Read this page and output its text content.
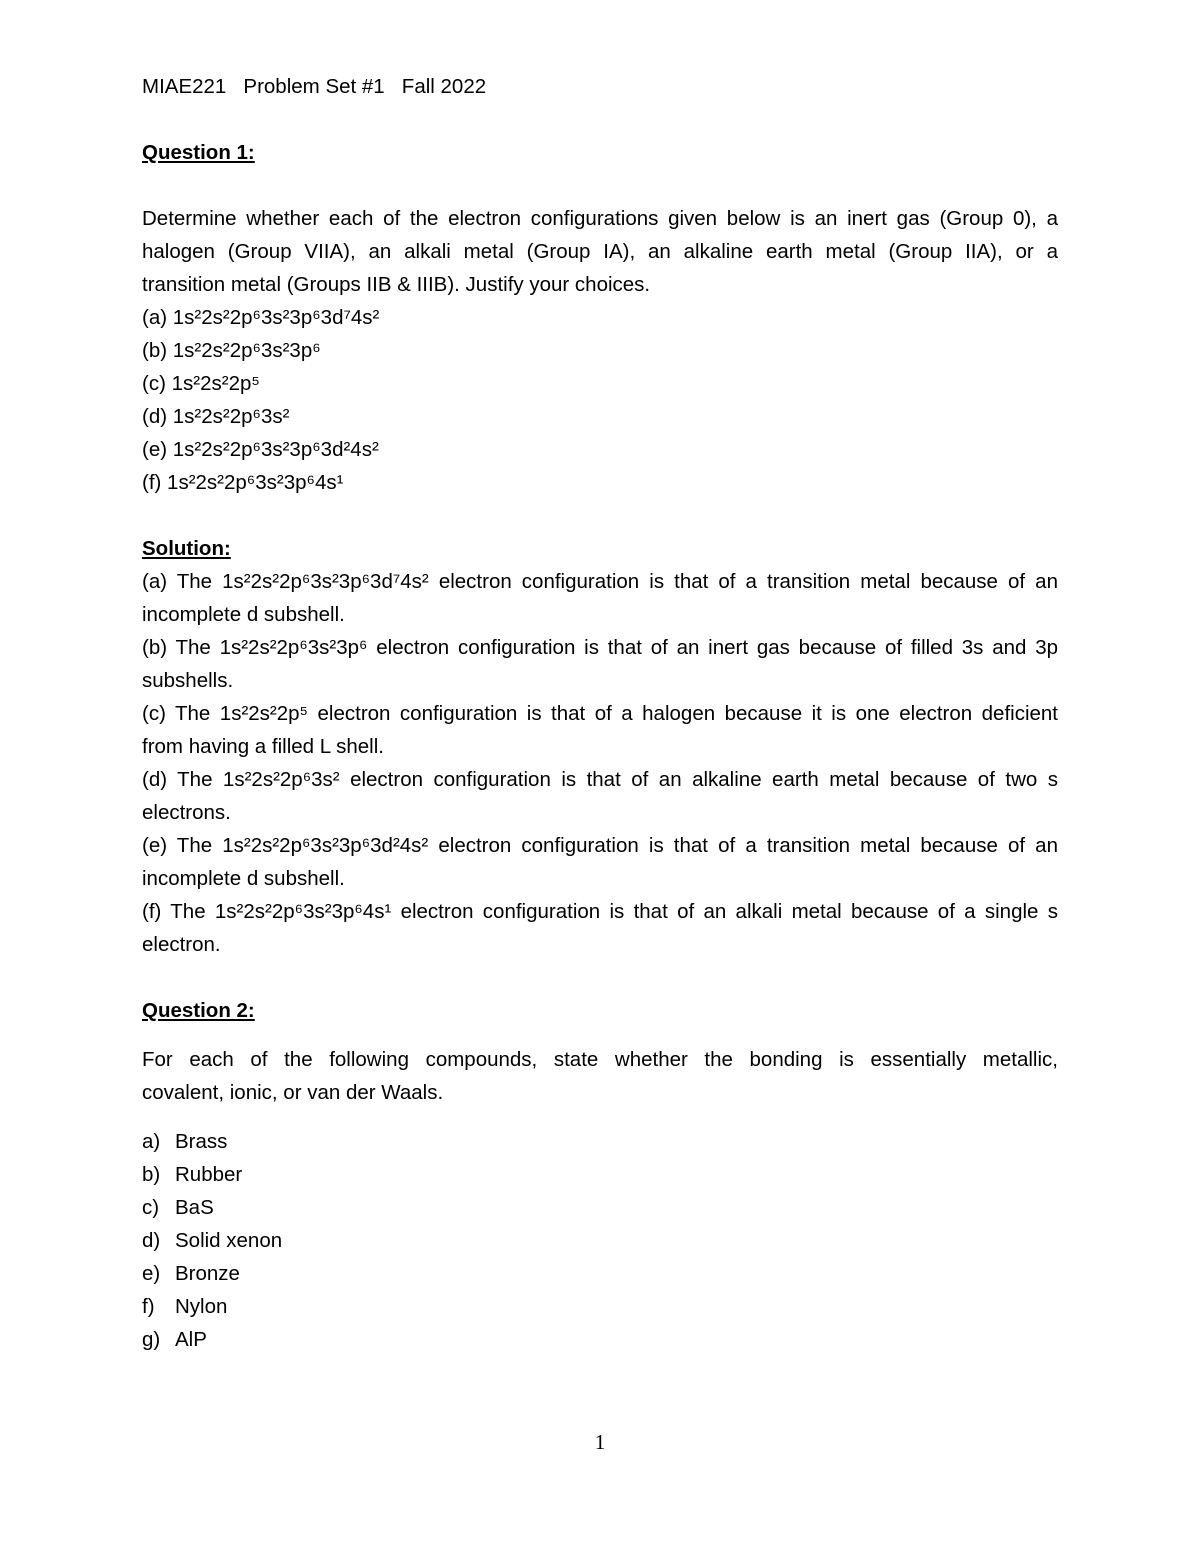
MIAE221   Problem Set #1   Fall 2022

Question 1:

Determine whether each of the electron configurations given below is an inert gas (Group 0), a

halogen (Group VIIA), an alkali metal (Group IA), an alkaline earth metal (Group IIA), or a

transition metal (Groups IIB & IIIB). Justify your choices.

(a) 1s²2s²2p⁶3s²3p⁶3d⁷4s²

(b) 1s²2s²2p⁶3s²3p⁶

(c) 1s²2s²2p⁵

(d) 1s²2s²2p⁶3s²

(e) 1s²2s²2p⁶3s²3p⁶3d²4s²

(f) 1s²2s²2p⁶3s²3p⁶4s¹

Solution:

(a) The 1s²2s²2p⁶3s²3p⁶3d⁷4s² electron configuration is that of a transition metal because of an

incomplete d subshell.

(b) The 1s²2s²2p⁶3s²3p⁶ electron configuration is that of an inert gas because of filled 3s and 3p

subshells.

(c) The 1s²2s²2p⁵ electron configuration is that of a halogen because it is one electron deficient

from having a filled L shell.

(d) The 1s²2s²2p⁶3s² electron configuration is that of an alkaline earth metal because of two s

electrons.

(e) The 1s²2s²2p⁶3s²3p⁶3d²4s² electron configuration is that of a transition metal because of an

incomplete d subshell.

(f) The 1s²2s²2p⁶3s²3p⁶4s¹ electron configuration is that of an alkali metal because of a single s

electron.

Question 2:

For each of the following compounds, state whether the bonding is essentially metallic,

covalent, ionic, or van der Waals.

a) Brass
b) Rubber
c) BaS
d) Solid xenon
e) Bronze
f) Nylon
g) AlP
1
